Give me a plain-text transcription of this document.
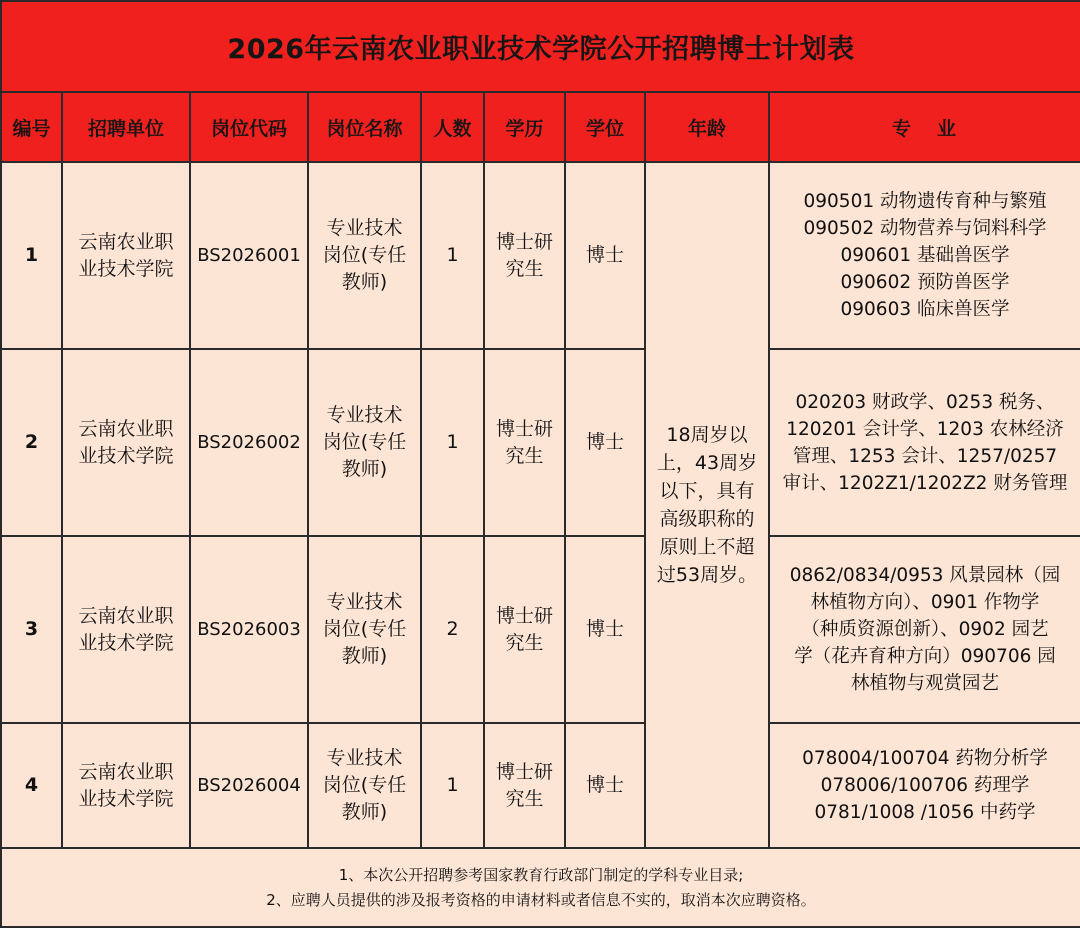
2026年云南农业职业技术学院公开招聘博士计划表								
编号	招聘单位	岗位代码	岗位名称	人数	学历	学位	年龄	专业
1	云南农业职业技术学院	BS2026001	专业技术岗位(专任教师)	1	博士研究生	博士	18周岁以上，43周岁以下，具有高级职称的原则上不超过53周岁。	090501 动物遗传育种与繁殖
090502 动物营养与饲料科学
090601 基础兽医学
090602 预防兽医学
090603 临床兽医学

2	云南农业职业技术学院	BS2026002	专业技术岗位(专任教师)	1	博士研究生	博士		020203 财政学、0253 税务、
120201 会计学、1203 农林经济
管理、1253 会计、1257/0257
审计、1202Z1/1202Z2 财务管理

3	云南农业职业技术学院	BS2026003	专业技术岗位(专任教师)	2	博士研究生	博士		0862/0834/0953 风景园林（园
林植物方向）、0901 作物学
（种质资源创新）、0902 园艺
学（花卉育种方向）090706 园
林植物与观赏园艺

4	云南农业职业技术学院	BS2026004	专业技术岗位(专任教师)	1	博士研究生	博士		078004/100704 药物分析学
078006/100706 药理学
0781/1008 /1056 中药学

1、本次公开招聘参考国家教育行政部门制定的学科专业目录;
2、应聘人员提供的涉及报考资格的申请材料或者信息不实的，取消本次应聘资格。								
